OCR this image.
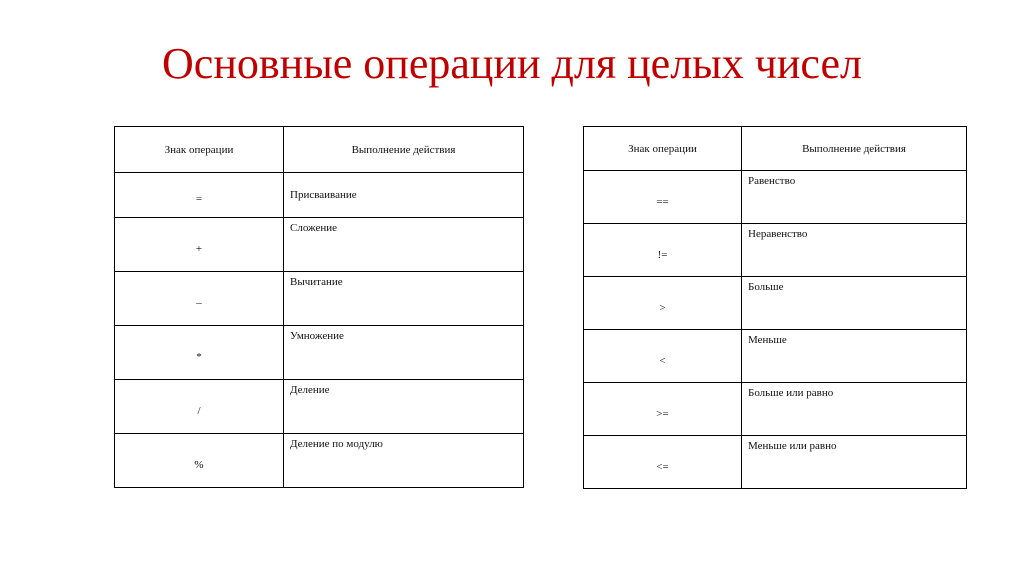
Основные операции для целых чисел
Знак операции	Выполнение действия
=	Присваивание
+	Сложение
–	Вычитание
*	Умножение
/	Деление
%	Деление по модулю
Знак операции	Выполнение действия
==	Равенство
!=	Неравенство
>	Больше
<	Меньше
>=	Больше или равно
<=	Меньше или равно
